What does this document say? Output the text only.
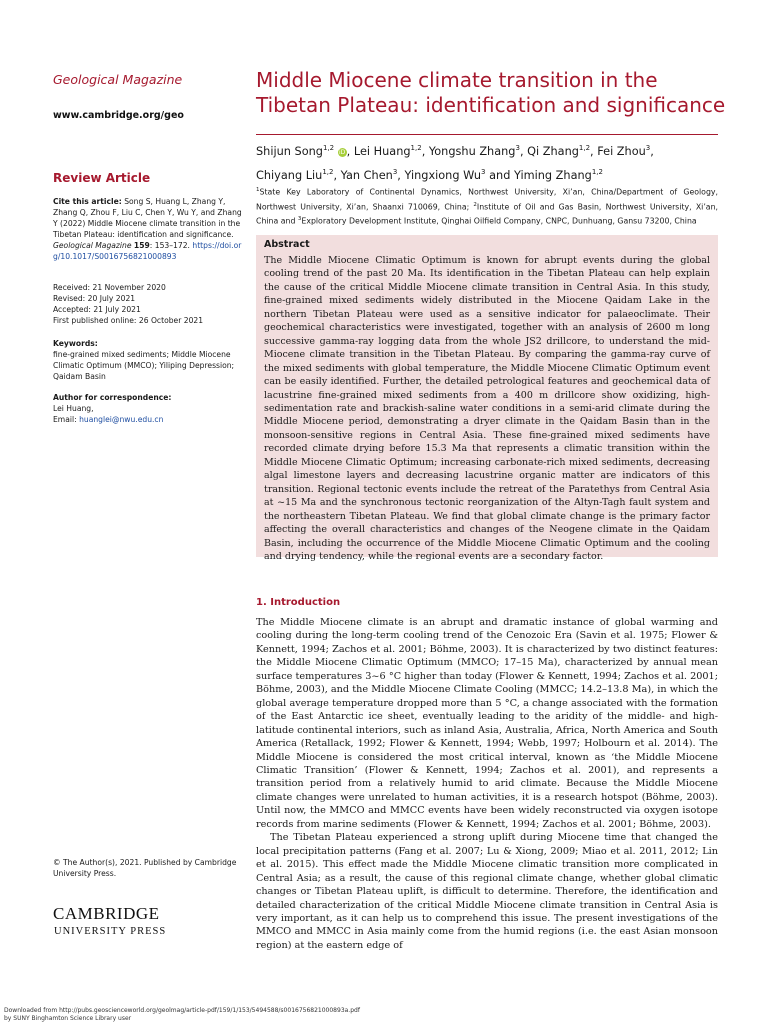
Geological Magazine
www.cambridge.org/geo
Review Article
Cite this article: Song S, Huang L, Zhang Y, Zhang Q, Zhou F, Liu C, Chen Y, Wu Y, and Zhang Y (2022) Middle Miocene climate transition in the Tibetan Plateau: identification and significance. Geological Magazine 159: 153–172. https://doi.org/10.1017/S0016756821000893
Received: 21 November 2020
Revised: 20 July 2021
Accepted: 21 July 2021
First published online: 26 October 2021
Keywords:
fine-grained mixed sediments; Middle Miocene Climatic Optimum (MMCO); Yiliping Depression; Qaidam Basin
Author for correspondence:
Lei Huang,
Email: huanglei@nwu.edu.cn
© The Author(s), 2021. Published by Cambridge University Press.
CAMBRIDGE
UNIVERSITY PRESS
Middle Miocene climate transition in the Tibetan Plateau: identification and significance
Shijun Song$^{1,2}$ iD, Lei Huang$^{1,2}$, Yongshu Zhang$^3$, Qi Zhang$^{1,2}$, Fei Zhou$^3$,
Chiyang Liu$^{1,2}$, Yan Chen$^3$, Yingxiong Wu$^3$ and Yiming Zhang$^{1,2}$
$^1$State Key Laboratory of Continental Dynamics, Northwest University, Xi’an, China/Department of Geology, Northwest University, Xi’an, Shaanxi 710069, China; $^2$Institute of Oil and Gas Basin, Northwest University, Xi’an, China and $^3$Exploratory Development Institute, Qinghai Oilfield Company, CNPC, Dunhuang, Gansu 73200, China
Abstract
The Middle Miocene Climatic Optimum is known for abrupt events during the global cooling trend of the past 20 Ma. Its identification in the Tibetan Plateau can help explain the cause of the critical Middle Miocene climate transition in Central Asia. In this study, fine-grained mixed sediments widely distributed in the Miocene Qaidam Lake in the northern Tibetan Plateau were used as a sensitive indicator for palaeoclimate. Their geochemical characteristics were investigated, together with an analysis of 2600 m long successive gamma-ray logging data from the whole JS2 drillcore, to understand the mid-Miocene climate transition in the Tibetan Plateau. By comparing the gamma-ray curve of the mixed sediments with global temperature, the Middle Miocene Climatic Optimum event can be easily identified. Further, the detailed petrological features and geochemical data of lacustrine fine-grained mixed sediments from a 400 m drillcore show oxidizing, high-sedimentation rate and brackish-saline water conditions in a semi-arid climate during the Middle Miocene period, demonstrating a dryer climate in the Qaidam Basin than in the monsoon-sensitive regions in Central Asia. These fine-grained mixed sediments have recorded climate drying before 15.3 Ma that represents a climatic transition within the Middle Miocene Climatic Optimum; increasing carbonate-rich mixed sediments, decreasing algal limestone layers and decreasing lacustrine organic matter are indicators of this transition. Regional tectonic events include the retreat of the Paratethys from Central Asia at ~15 Ma and the synchronous tectonic reorganization of the Altyn-Tagh fault system and the northeastern Tibetan Plateau. We find that global climate change is the primary factor affecting the overall characteristics and changes of the Neogene climate in the Qaidam Basin, including the occurrence of the Middle Miocene Climatic Optimum and the cooling and drying tendency, while the regional events are a secondary factor.
1. Introduction

The Middle Miocene climate is an abrupt and dramatic instance of global warming and cooling during the long-term cooling trend of the Cenozoic Era (Savin et al. 1975; Flower & Kennett, 1994; Zachos et al. 2001; Böhme, 2003). It is characterized by two distinct features: the Middle Miocene Climatic Optimum (MMCO; 17–15 Ma), characterized by annual mean surface temperatures 3~6 °C higher than today (Flower & Kennett, 1994; Zachos et al. 2001; Böhme, 2003), and the Middle Miocene Climate Cooling (MMCC; 14.2–13.8 Ma), in which the global average temperature dropped more than 5 °C, a change associated with the formation of the East Antarctic ice sheet, eventually leading to the aridity of the middle- and high-latitude continental interiors, such as inland Asia, Australia, Africa, North America and South America (Retallack, 1992; Flower & Kennett, 1994; Webb, 1997; Holbourn et al. 2014). The Middle Miocene is considered the most critical interval, known as ‘the Middle Miocene Climatic Transition’ (Flower & Kennett, 1994; Zachos et al. 2001), and represents a transition period from a relatively humid to arid climate. Because the Middle Miocene climate changes were unrelated to human activities, it is a research hotspot (Böhme, 2003). Until now, the MMCO and MMCC events have been widely reconstructed via oxygen isotope records from marine sediments (Flower & Kennett, 1994; Zachos et al. 2001; Böhme, 2003).

The Tibetan Plateau experienced a strong uplift during Miocene time that changed the local precipitation patterns (Fang et al. 2007; Lu & Xiong, 2009; Miao et al. 2011, 2012; Lin et al. 2015). This effect made the Middle Miocene climatic transition more complicated in Central Asia; as a result, the cause of this regional climate change, whether global climatic changes or Tibetan Plateau uplift, is difficult to determine. Therefore, the identification and detailed characterization of the critical Middle Miocene climate transition in Central Asia is very important, as it can help us to comprehend this issue. The present investigations of the MMCO and MMCC in Asia mainly come from the humid regions (i.e. the east Asian monsoon region) at the eastern edge of

Downloaded from http://pubs.geoscienceworld.org/geolmag/article-pdf/159/1/153/5494588/s0016756821000893a.pdf
by SUNY Binghamton Science Library user
